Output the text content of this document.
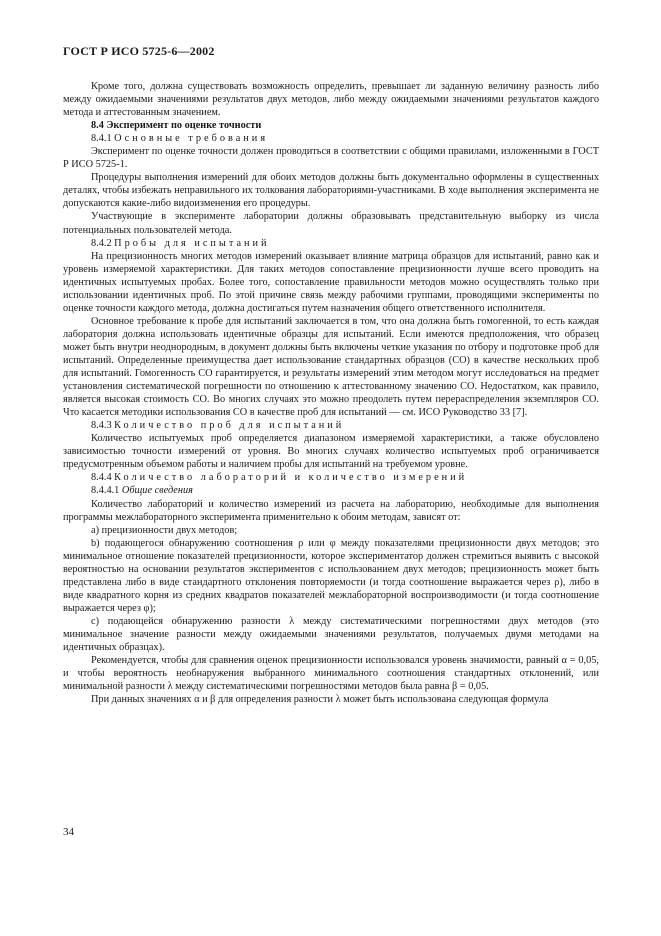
ГОСТ Р ИСО 5725-6—2002

Кроме того, должна существовать возможность определить, превышает ли заданную величину разность либо между ожидаемыми значениями результатов двух методов, либо между ожидаемыми значениями результатов каждого метода и аттестованным значением.

8.4 Эксперимент по оценке точности

8.4.1 Основные требования

Эксперимент по оценке точности должен проводиться в соответствии с общими правилами, изложенными в ГОСТ Р ИСО 5725-1.

Процедуры выполнения измерений для обоих методов должны быть документально оформлены в существенных деталях, чтобы избежать неправильного их толкования лабораториями-участниками. В ходе выполнения эксперимента не допускаются какие-либо видоизменения его процедуры.

Участвующие в эксперименте лаборатории должны образовывать представительную выборку из числа потенциальных пользователей метода.

8.4.2 Пробы для испытаний

На прецизионность многих методов измерений оказывает влияние матрица образцов для испытаний, равно как и уровень измеряемой характеристики. Для таких методов сопоставление прецизионности лучше всего проводить на идентичных испытуемых пробах. Более того, сопоставление правильности методов можно осуществлять только при использовании идентичных проб. По этой причине связь между рабочими группами, проводящими эксперименты по оценке точности каждого метода, должна достигаться путем назначения общего ответственного исполнителя.

Основное требование к пробе для испытаний заключается в том, что она должна быть гомогенной, то есть каждая лаборатория должна использовать идентичные образцы для испытаний. Если имеются предположения, что образец может быть внутри неоднородным, в документ должны быть включены четкие указания по отбору и подготовке проб для испытаний. Определенные преимущества дает использование стандартных образцов (СО) в качестве нескольких проб для испытаний. Гомогенность СО гарантируется, и результаты измерений этим методом могут исследоваться на предмет установления систематической погрешности по отношению к аттестованному значению СО. Недостатком, как правило, является высокая стоимость СО. Во многих случаях это можно преодолеть путем перераспределения экземпляров СО. Что касается методики использования СО в качестве проб для испытаний — см. ИСО Руководство 33 [7].

8.4.3 Количество проб для испытаний

Количество испытуемых проб определяется диапазоном измеряемой характеристики, а также обусловлено зависимостью точности измерений от уровня. Во многих случаях количество испытуемых проб ограничивается предусмотренным объемом работы и наличием пробы для испытаний на требуемом уровне.

8.4.4 Количество лабораторий и количество измерений

8.4.4.1 Общие сведения

Количество лабораторий и количество измерений из расчета на лабораторию, необходимые для выполнения программы межлабораторного эксперимента применительно к обоим методам, зависят от:

a) прецизионности двух методов;

b) подающегося обнаружению соотношения ρ или φ между показателями прецизионности двух методов; это минимальное отношение показателей прецизионности, которое экспериментатор должен стремиться выявить с высокой вероятностью на основании результатов экспериментов с использованием двух методов; прецизионность может быть представлена либо в виде стандартного отклонения повторяемости (и тогда соотношение выражается через ρ), либо в виде квадратного корня из средних квадратов показателей межлабораторной воспроизводимости (и тогда соотношение выражается через φ);

c) подающейся обнаружению разности λ между систематическими погрешностями двух методов (это минимальное значение разности между ожидаемыми значениями результатов, получаемых двумя методами на идентичных образцах).

Рекомендуется, чтобы для сравнения оценок прецизионности использовался уровень значимости, равный α = 0,05, и чтобы вероятность необнаружения выбранного минимального соотношения стандартных отклонений, или минимальной разности λ между систематическими погрешностями методов была равна β = 0,05.

При данных значениях α и β для определения разности λ может быть использована следующая формула

34
